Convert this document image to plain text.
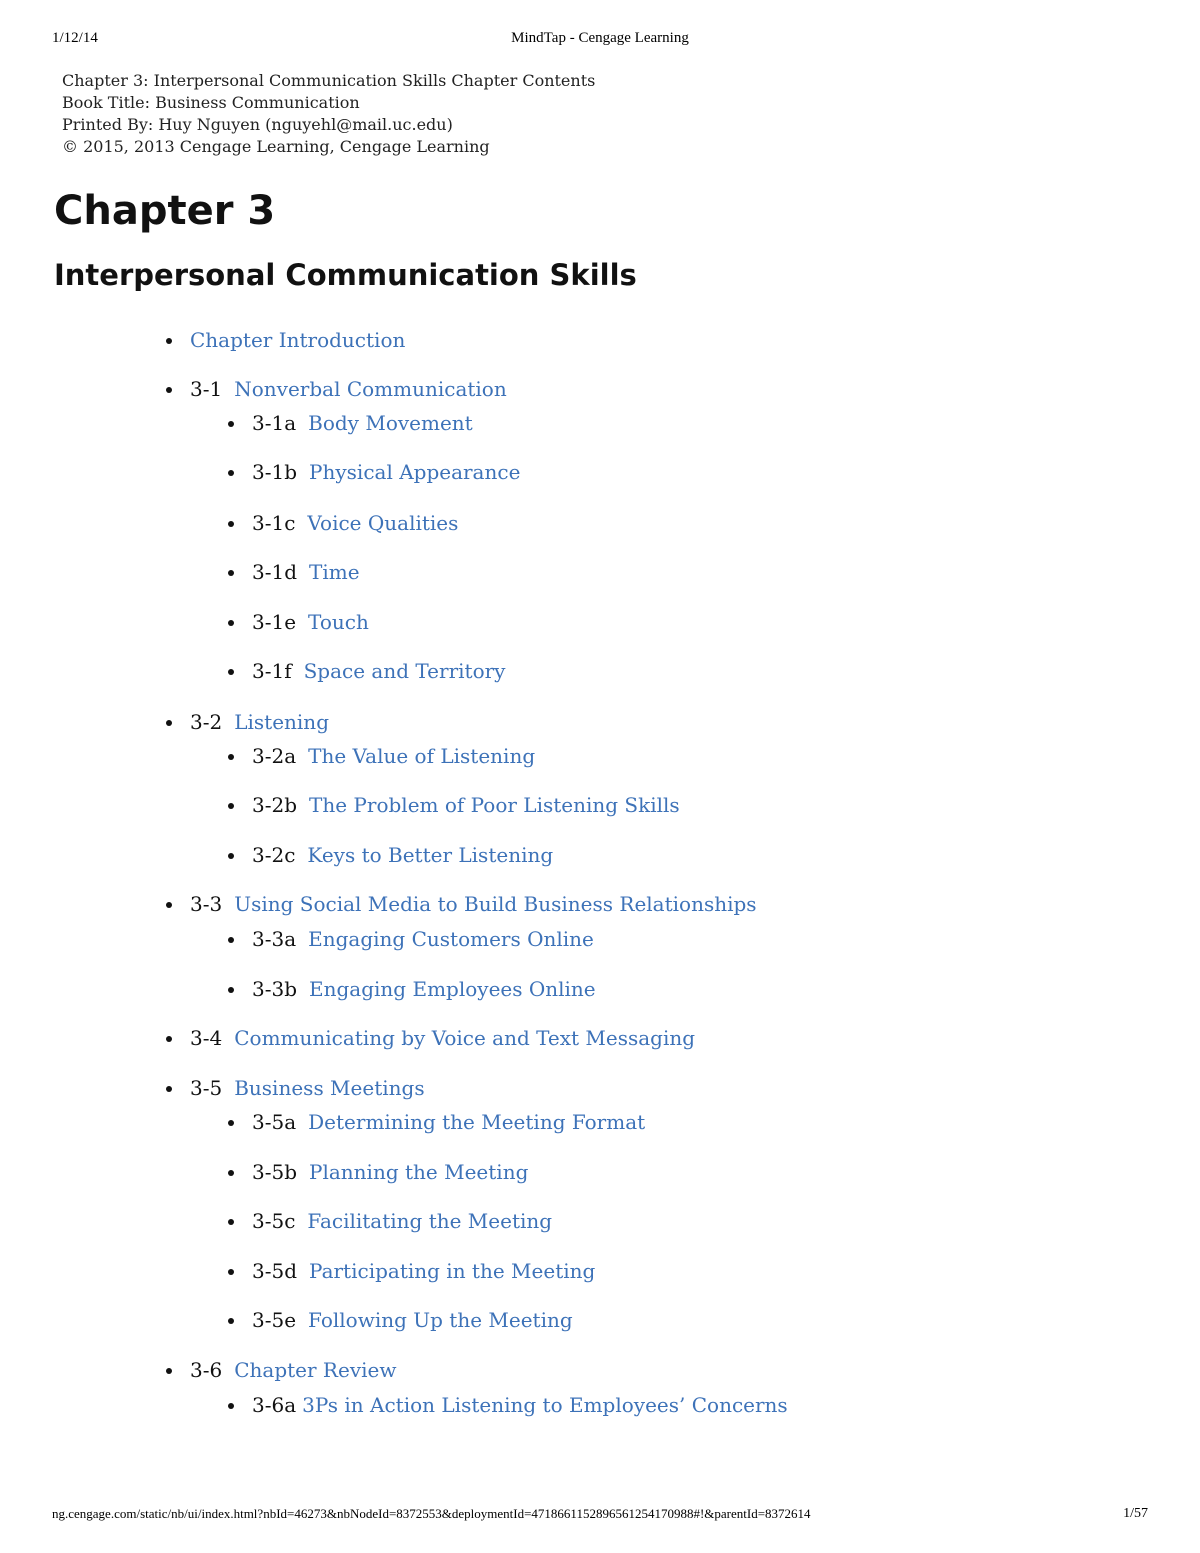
1/12/14	MindTap - Cengage Learning
Chapter 3: Interpersonal Communication Skills Chapter Contents
Book Title: Business Communication
Printed By: Huy Nguyen (nguyehl@mail.uc.edu)
© 2015, 2013 Cengage Learning, Cengage Learning
Chapter 3
Interpersonal Communication Skills
Chapter Introduction
3-1 Nonverbal Communication
3-1a Body Movement
3-1b Physical Appearance
3-1c Voice Qualities
3-1d Time
3-1e Touch
3-1f Space and Territory
3-2 Listening
3-2a The Value of Listening
3-2b The Problem of Poor Listening Skills
3-2c Keys to Better Listening
3-3 Using Social Media to Build Business Relationships
3-3a Engaging Customers Online
3-3b Engaging Employees Online
3-4 Communicating by Voice and Text Messaging
3-5 Business Meetings
3-5a Determining the Meeting Format
3-5b Planning the Meeting
3-5c Facilitating the Meeting
3-5d Participating in the Meeting
3-5e Following Up the Meeting
3-6 Chapter Review
3-6a 3Ps in Action Listening to Employees’ Concerns
ng.cengage.com/static/nb/ui/index.html?nbId=46273&nbNodeId=8372553&deploymentId=4718661152896561254170988#!&parentId=8372614	1/57
